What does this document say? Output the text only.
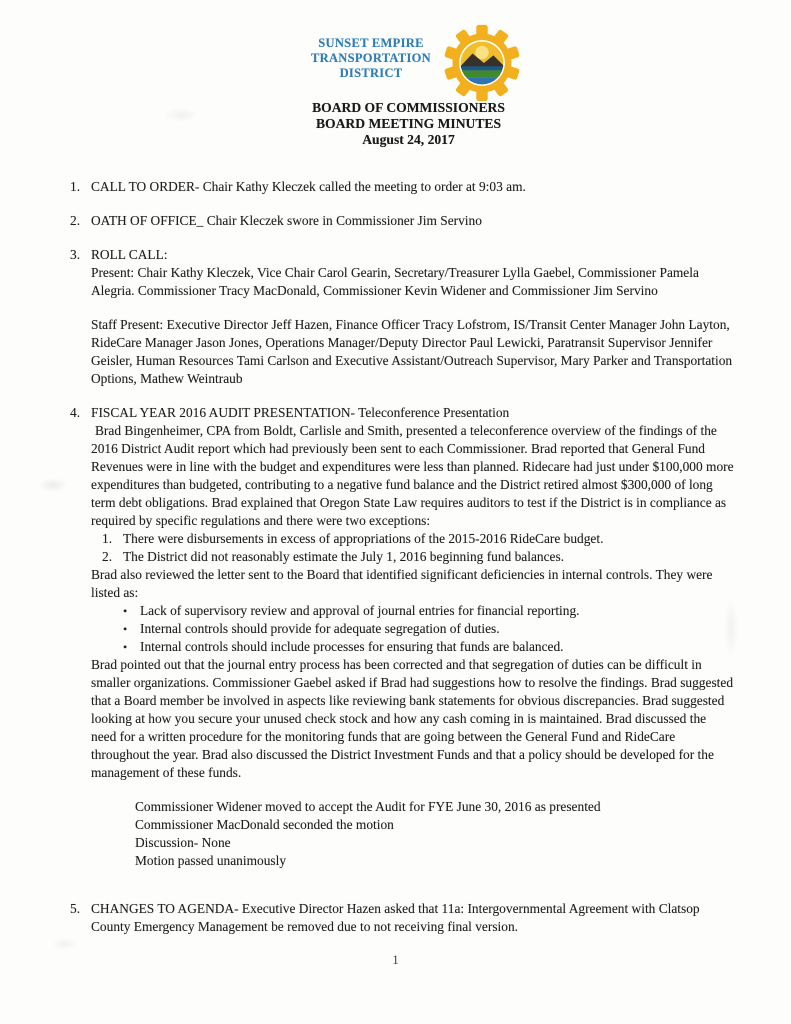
SUNSET EMPIRE
TRANSPORTATION
DISTRICT
BOARD OF COMMISSIONERS
BOARD MEETING MINUTES
August 24, 2017
1. CALL TO ORDER- Chair Kathy Kleczek called the meeting to order at 9:03 am.
2. OATH OF OFFICE_ Chair Kleczek swore in Commissioner Jim Servino
3. ROLL CALL:
Present: Chair Kathy Kleczek, Vice Chair Carol Gearin, Secretary/Treasurer Lylla Gaebel, Commissioner Pamela Alegria. Commissioner Tracy MacDonald, Commissioner Kevin Widener and Commissioner Jim Servino
Staff Present: Executive Director Jeff Hazen, Finance Officer Tracy Lofstrom, IS/Transit Center Manager John Layton, RideCare Manager Jason Jones, Operations Manager/Deputy Director Paul Lewicki, Paratransit Supervisor Jennifer Geisler, Human Resources Tami Carlson and Executive Assistant/Outreach Supervisor, Mary Parker and Transportation Options, Mathew Weintraub
4. FISCAL YEAR 2016 AUDIT PRESENTATION- Teleconference Presentation
Brad Bingenheimer, CPA from Boldt, Carlisle and Smith, presented a teleconference overview of the findings of the 2016 District Audit report which had previously been sent to each Commissioner. Brad reported that General Fund Revenues were in line with the budget and expenditures were less than planned. Ridecare had just under $100,000 more expenditures than budgeted, contributing to a negative fund balance and the District retired almost $300,000 of long term debt obligations. Brad explained that Oregon State Law requires auditors to test if the District is in compliance as required by specific regulations and there were two exceptions:
1. There were disbursements in excess of appropriations of the 2015-2016 RideCare budget.
2. The District did not reasonably estimate the July 1, 2016 beginning fund balances.
Brad also reviewed the letter sent to the Board that identified significant deficiencies in internal controls. They were listed as:
• Lack of supervisory review and approval of journal entries for financial reporting.
• Internal controls should provide for adequate segregation of duties.
• Internal controls should include processes for ensuring that funds are balanced.
Brad pointed out that the journal entry process has been corrected and that segregation of duties can be difficult in smaller organizations. Commissioner Gaebel asked if Brad had suggestions how to resolve the findings. Brad suggested that a Board member be involved in aspects like reviewing bank statements for obvious discrepancies. Brad suggested looking at how you secure your unused check stock and how any cash coming in is maintained. Brad discussed the need for a written procedure for the monitoring funds that are going between the General Fund and RideCare throughout the year. Brad also discussed the District Investment Funds and that a policy should be developed for the management of these funds.
Commissioner Widener moved to accept the Audit for FYE June 30, 2016 as presented
Commissioner MacDonald seconded the motion
Discussion- None
Motion passed unanimously
5. CHANGES TO AGENDA- Executive Director Hazen asked that 11a: Intergovernmental Agreement with Clatsop County Emergency Management be removed due to not receiving final version.
1
